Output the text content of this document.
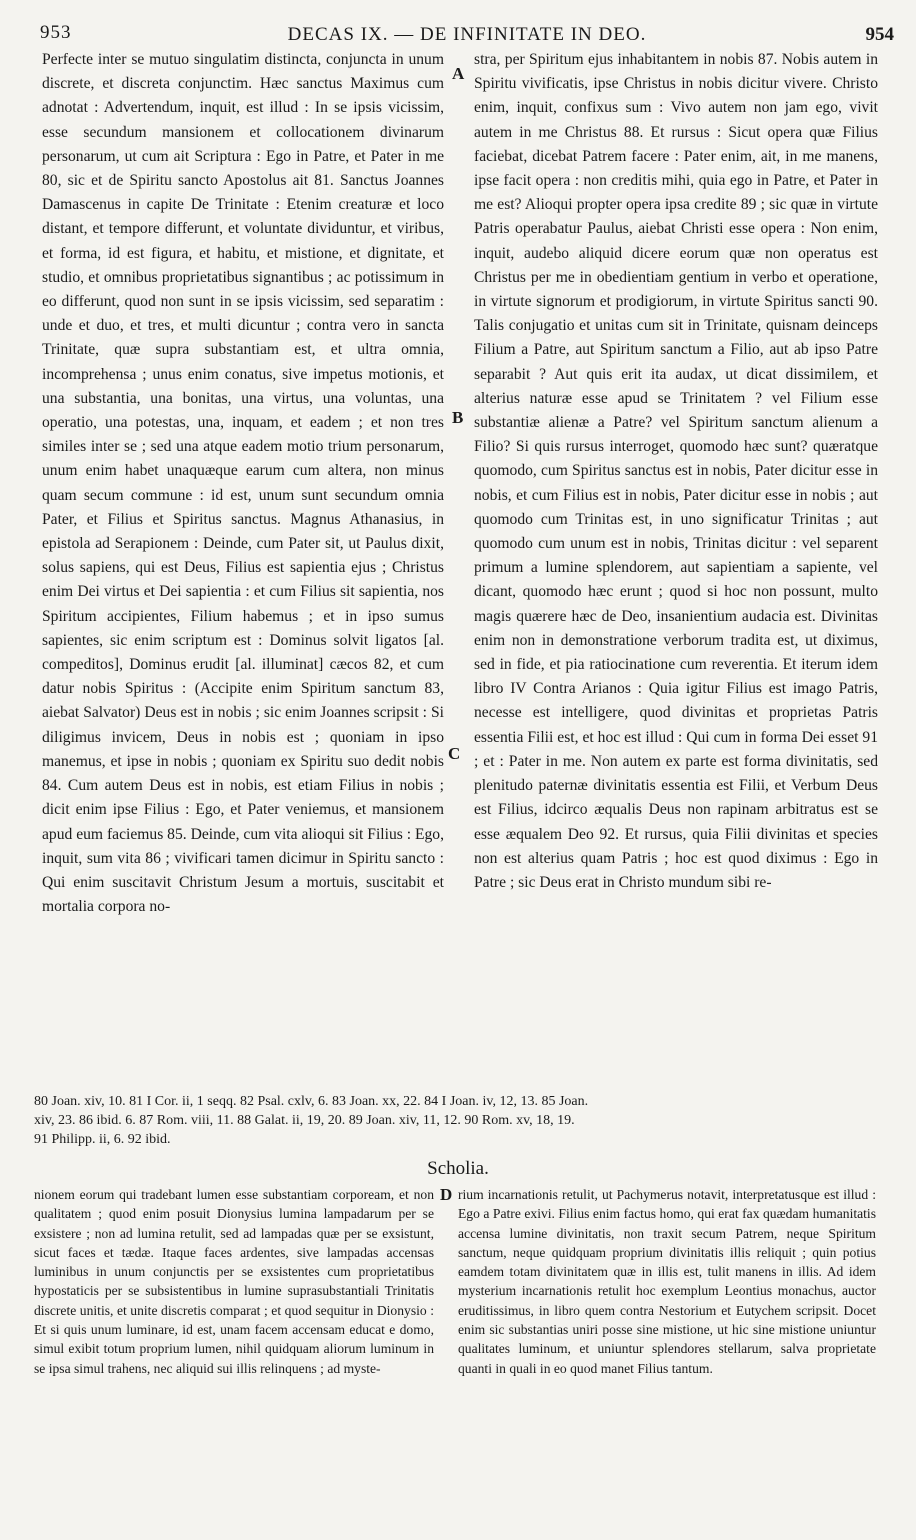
953	DECAS IX. — DE INFINITATE IN DEO.	954

Perfecte inter se mutuo singulatim distincta, conjuncta in unum discrete, et discreta conjunctim. Hæc sanctus Maximus cum adnotat : Advertendum, inquit, est illud : In se ipsis vicissim, esse secundum mansionem et collocationem divinarum personarum, ut cum ait Scriptura : Ego in Patre, et Pater in me 80, sic et de Spiritu sancto Apostolus ait 81. Sanctus Joannes Damascenus in capite De Trinitate : Etenim creaturæ et loco distant, et tempore differunt, et voluntate dividuntur, et viribus, et forma, id est figura, et habitu, et mistione, et dignitate, et studio, et omnibus proprietatibus signantibus ; ac potissimum in eo differunt, quod non sunt in se ipsis vicissim, sed separatim : unde et duo, et tres, et multi dicuntur ; contra vero in sancta Trinitate, quæ supra substantiam est, et ultra omnia, incomprehensa ; unus enim conatus, sive impetus motionis, et una substantia, una bonitas, una virtus, una voluntas, una operatio, una potestas, una, inquam, et eadem ; et non tres similes inter se ; sed una atque eadem motio trium personarum, unum enim habet unaquæque earum cum altera, non minus quam secum commune : id est, unum sunt secundum omnia Pater, et Filius et Spiritus sanctus. Magnus Athanasius, in epistola ad Serapionem : Deinde, cum Pater sit, ut Paulus dixit, solus sapiens, qui est Deus, Filius est sapientia ejus ; Christus enim Dei virtus et Dei sapientia : et cum Filius sit sapientia, nos Spiritum accipientes, Filium habemus ; et in ipso sumus sapientes, sic enim scriptum est : Dominus solvit ligatos [al. compeditos], Dominus erudit [al. illuminat] cæcos 82, et cum datur nobis Spiritus : (Accipite enim Spiritum sanctum 83, aiebat Salvator) Deus est in nobis ; sic enim Joannes scripsit : Si diligimus invicem, Deus in nobis est ; quoniam in ipso manemus, et ipse in nobis ; quoniam ex Spiritu suo dedit nobis 84. Cum autem Deus est in nobis, est etiam Filius in nobis ; dicit enim ipse Filius : Ego, et Pater veniemus, et mansionem apud eum faciemus 85. Deinde, cum vita alioqui sit Filius : Ego, inquit, sum vita 86 ; vivificari tamen dicimur in Spiritu sancto : Qui enim suscitavit Christum Jesum a mortuis, suscitabit et mortalia corpora no-

A
B
C
D

stra, per Spiritum ejus inhabitantem in nobis 87. Nobis autem in Spiritu vivificatis, ipse Christus in nobis dicitur vivere. Christo enim, inquit, confixus sum : Vivo autem non jam ego, vivit autem in me Christus 88. Et rursus : Sicut opera quæ Filius faciebat, dicebat Patrem facere : Pater enim, ait, in me manens, ipse facit opera : non creditis mihi, quia ego in Patre, et Pater in me est? Alioqui propter opera ipsa credite 89 ; sic quæ in virtute Patris operabatur Paulus, aiebat Christi esse opera : Non enim, inquit, audebo aliquid dicere eorum quæ non operatus est Christus per me in obedientiam gentium in verbo et operatione, in virtute signorum et prodigiorum, in virtute Spiritus sancti 90. Talis conjugatio et unitas cum sit in Trinitate, quisnam deinceps Filium a Patre, aut Spiritum sanctum a Filio, aut ab ipso Patre separabit ? Aut quis erit ita audax, ut dicat dissimilem, et alterius naturæ esse apud se Trinitatem ? vel Filium esse substantiæ alienæ a Patre? vel Spiritum sanctum alienum a Filio? Si quis rursus interroget, quomodo hæc sunt? quæratque quomodo, cum Spiritus sanctus est in nobis, Pater dicitur esse in nobis, et cum Filius est in nobis, Pater dicitur esse in nobis ; aut quomodo cum Trinitas est, in uno significatur Trinitas ; aut quomodo cum unum est in nobis, Trinitas dicitur : vel separent primum a lumine splendorem, aut sapientiam a sapiente, vel dicant, quomodo hæc erunt ; quod si hoc non possunt, multo magis quærere hæc de Deo, insanientium audacia est. Divinitas enim non in demonstratione verborum tradita est, ut diximus, sed in fide, et pia ratiocinatione cum reverentia. Et iterum idem libro IV Contra Arianos : Quia igitur Filius est imago Patris, necesse est intelligere, quod divinitas et proprietas Patris essentia Filii est, et hoc est illud : Qui cum in forma Dei esset 91 ; et : Pater in me. Non autem ex parte est forma divinitatis, sed plenitudo paternæ divinitatis essentia est Filii, et Verbum Deus est Filius, idcirco æqualis Deus non rapinam arbitratus est se esse æqualem Deo 92. Et rursus, quia Filii divinitas et species non est alterius quam Patris ; hoc est quod diximus : Ego in Patre ; sic Deus erat in Christo mundum sibi re-

80 Joan. xiv, 10. 81 I Cor. ii, 1 seqq. 82 Psal. cxlv, 6. 83 Joan. xx, 22. 84 I Joan. iv, 12, 13. 85 Joan.
xiv, 23. 86 ibid. 6. 87 Rom. viii, 11. 88 Galat. ii, 19, 20. 89 Joan. xiv, 11, 12. 90 Rom. xv, 18, 19.
91 Philipp. ii, 6. 92 ibid.
Scholia.

nionem eorum qui tradebant lumen esse substantiam corpoream, et non qualitatem ; quod enim posuit Dionysius lumina lampadarum per se exsistere ; non ad lumina retulit, sed ad lampadas quæ per se exsistunt, sicut faces et tædæ. Itaque faces ardentes, sive lampadas accensas luminibus in unum conjunctis per se exsistentes cum proprietatibus hypostaticis per se subsistentibus in lumine suprasubstantiali Trinitatis discrete unitis, et unite discretis comparat ; et quod sequitur in Dionysio : Et si quis unum luminare, id est, unam facem accensam educat e domo, simul exibit totum proprium lumen, nihil quidquam aliorum luminum in se ipsa simul trahens, nec aliquid sui illis relinquens ; ad myste-

rium incarnationis retulit, ut Pachymerus notavit, interpretatusque est illud : Ego a Patre exivi. Filius enim factus homo, qui erat fax quædam humanitatis accensa lumine divinitatis, non traxit secum Patrem, neque Spiritum sanctum, neque quidquam proprium divinitatis illis reliquit ; quin potius eamdem totam divinitatem quæ in illis est, tulit manens in illis. Ad idem mysterium incarnationis retulit hoc exemplum Leontius monachus, auctor eruditissimus, in libro quem contra Nestorium et Eutychem scripsit. Docet enim sic substantias uniri posse sine mistione, ut hic sine mistione uniuntur qualitates luminum, et uniuntur splendores stellarum, salva proprietate quanti in quali in eo quod manet Filius tantum.
